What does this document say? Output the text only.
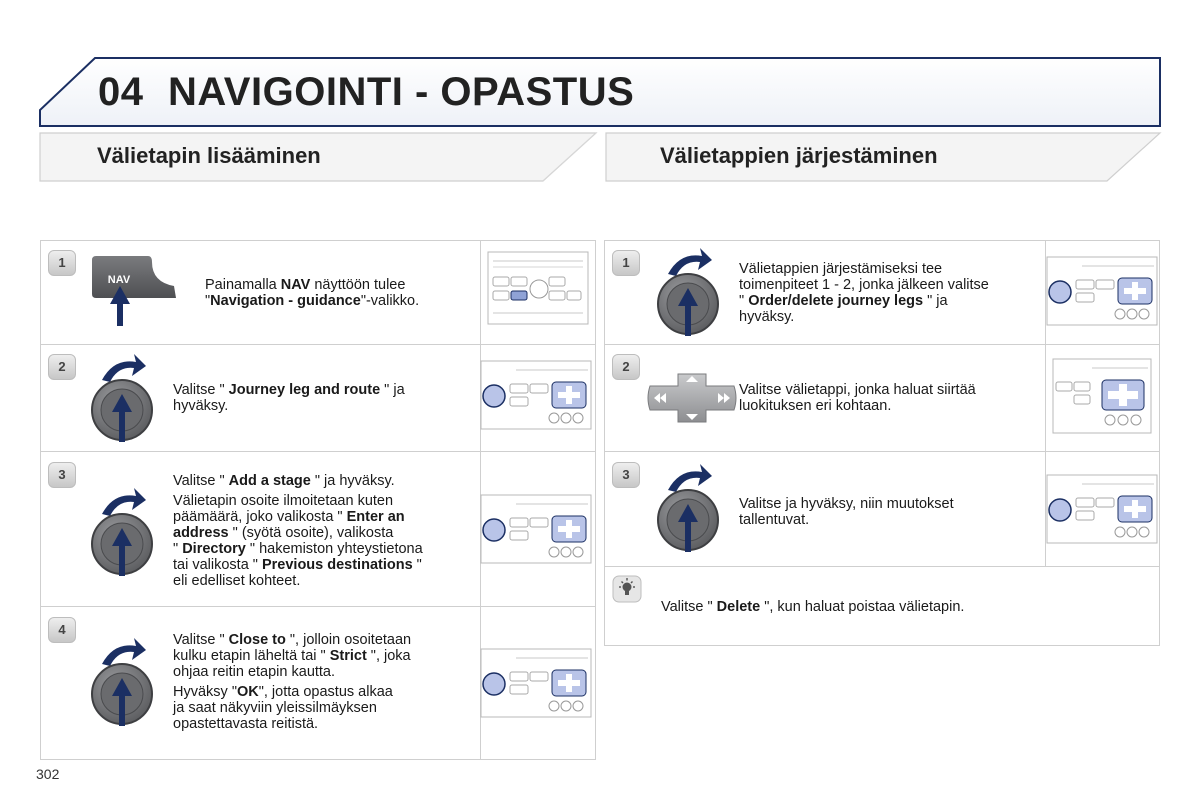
04 NAVIGOINTI - OPASTUS
Välietapin lisääminen	Välietappien järjestäminen
1
NAV	Painamalla NAV näyttöön tulee
"Navigation - guidance"-valikko.
2
Valitse " Journey leg and route " ja
hyväksy.
3	Valitse " Add a stage " ja hyväksy.
Välietapin osoite ilmoitetaan kuten
päämäärä, joko valikosta " Enter an
address " (syötä osoite), valikosta
" Directory " hakemiston yhteystietona
tai valikosta " Previous destinations "
eli edelliset kohteet.
4
Valitse " Close to ", jolloin osoitetaan
kulku etapin läheltä tai " Strict ", joka
ohjaa reitin etapin kautta.
Hyväksy "OK", jotta opastus alkaa
ja saat näkyviin yleissilmäyksen
opastettavasta reitistä.
1	Välietappien järjestämiseksi tee
toimenpiteet 1 - 2, jonka jälkeen valitse
" Order/delete journey legs " ja
hyväksy.
2
Valitse välietappi, jonka haluat siirtää
luokituksen eri kohtaan.
3
Valitse ja hyväksy, niin muutokset
tallentuvat.
Valitse " Delete ", kun haluat poistaa välietapin.
302
